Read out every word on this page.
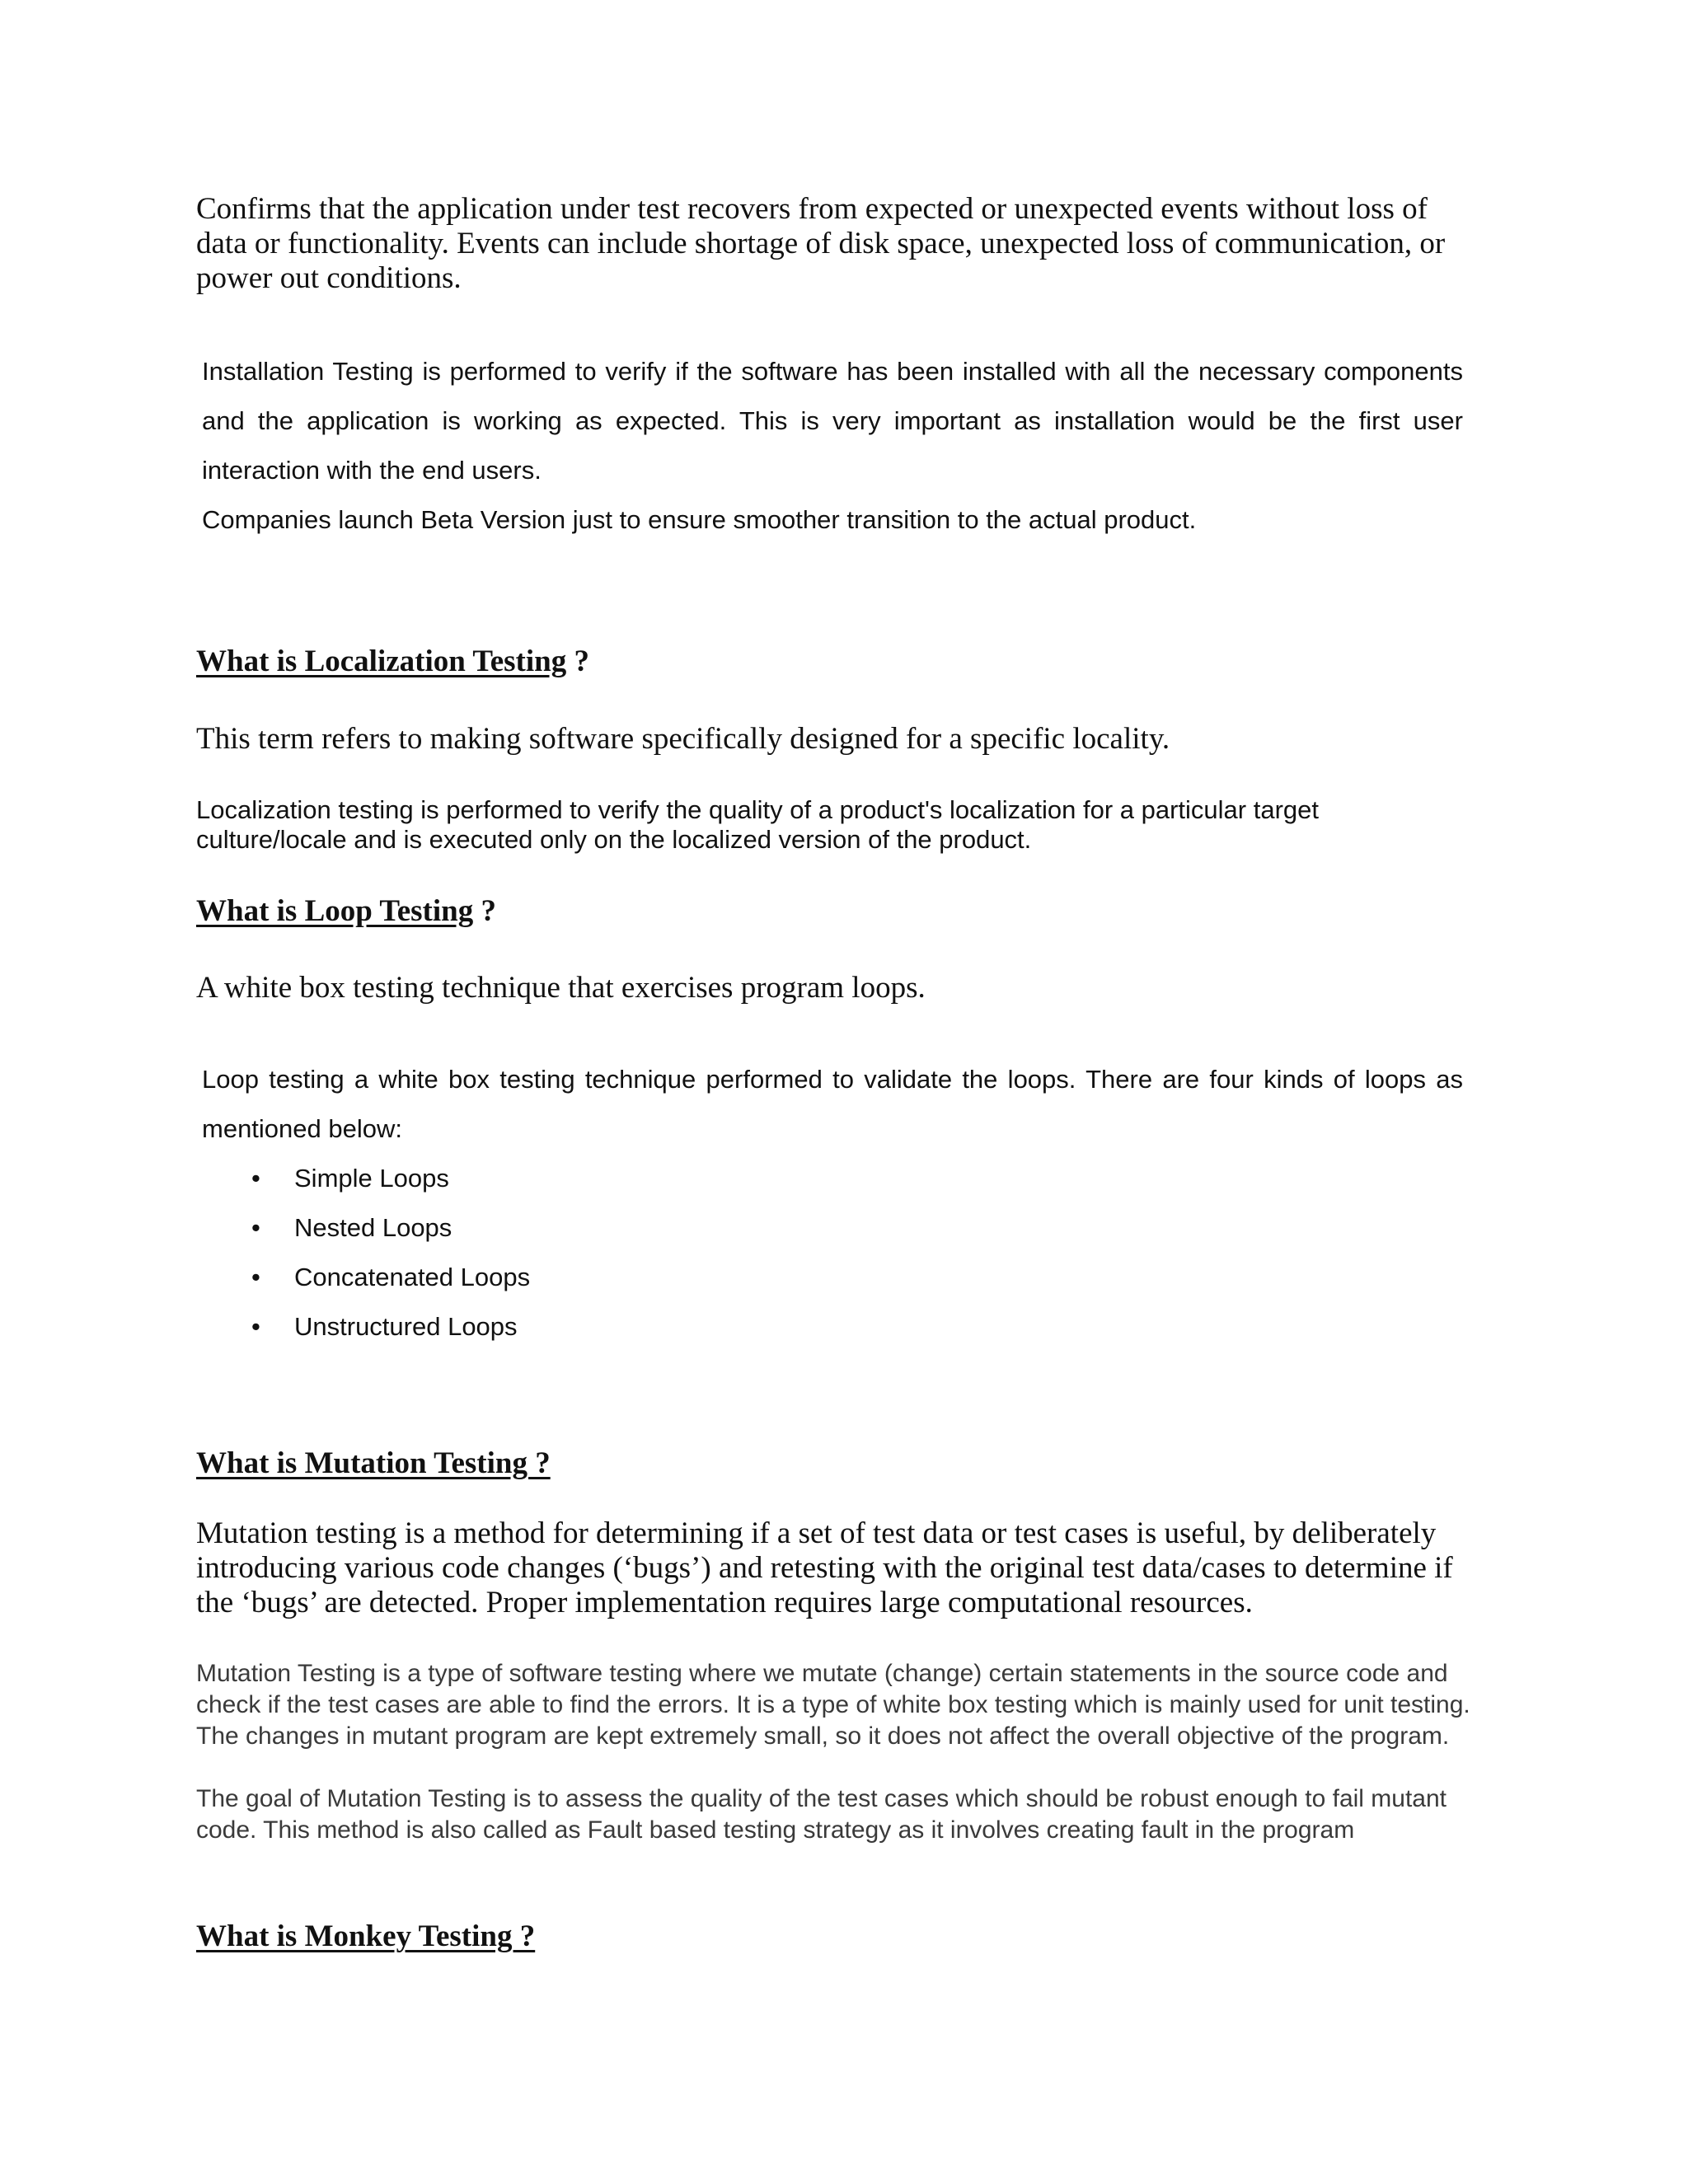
Confirms that the application under test recovers from expected or unexpected events without loss of data or functionality. Events can include shortage of disk space, unexpected loss of communication, or power out conditions.

Installation Testing is performed to verify if the software has been installed with all the necessary components and the application is working as expected. This is very important as installation would be the first user interaction with the end users.

Companies launch Beta Version just to ensure smoother transition to the actual product.

What is Localization Testing ?

This term refers to making software specifically designed for a specific locality.

Localization testing is performed to verify the quality of a product's localization for a particular target culture/locale and is executed only on the localized version of the product.

What is Loop Testing ?

A white box testing technique that exercises program loops.

Loop testing a white box testing technique performed to validate the loops. There are four kinds of loops as mentioned below:

• Simple Loops
• Nested Loops
• Concatenated Loops
• Unstructured Loops
What is Mutation Testing ?

Mutation testing is a method for determining if a set of test data or test cases is useful, by deliberately introducing various code changes (‘bugs’) and retesting with the original test data/cases to determine if the ‘bugs’ are detected. Proper implementation requires large computational resources.

Mutation Testing is a type of software testing where we mutate (change) certain statements in the source code and check if the test cases are able to find the errors. It is a type of white box testing which is mainly used for unit testing. The changes in mutant program are kept extremely small, so it does not affect the overall objective of the program.

The goal of Mutation Testing is to assess the quality of the test cases which should be robust enough to fail mutant code. This method is also called as Fault based testing strategy as it involves creating fault in the program

What is Monkey Testing ?
